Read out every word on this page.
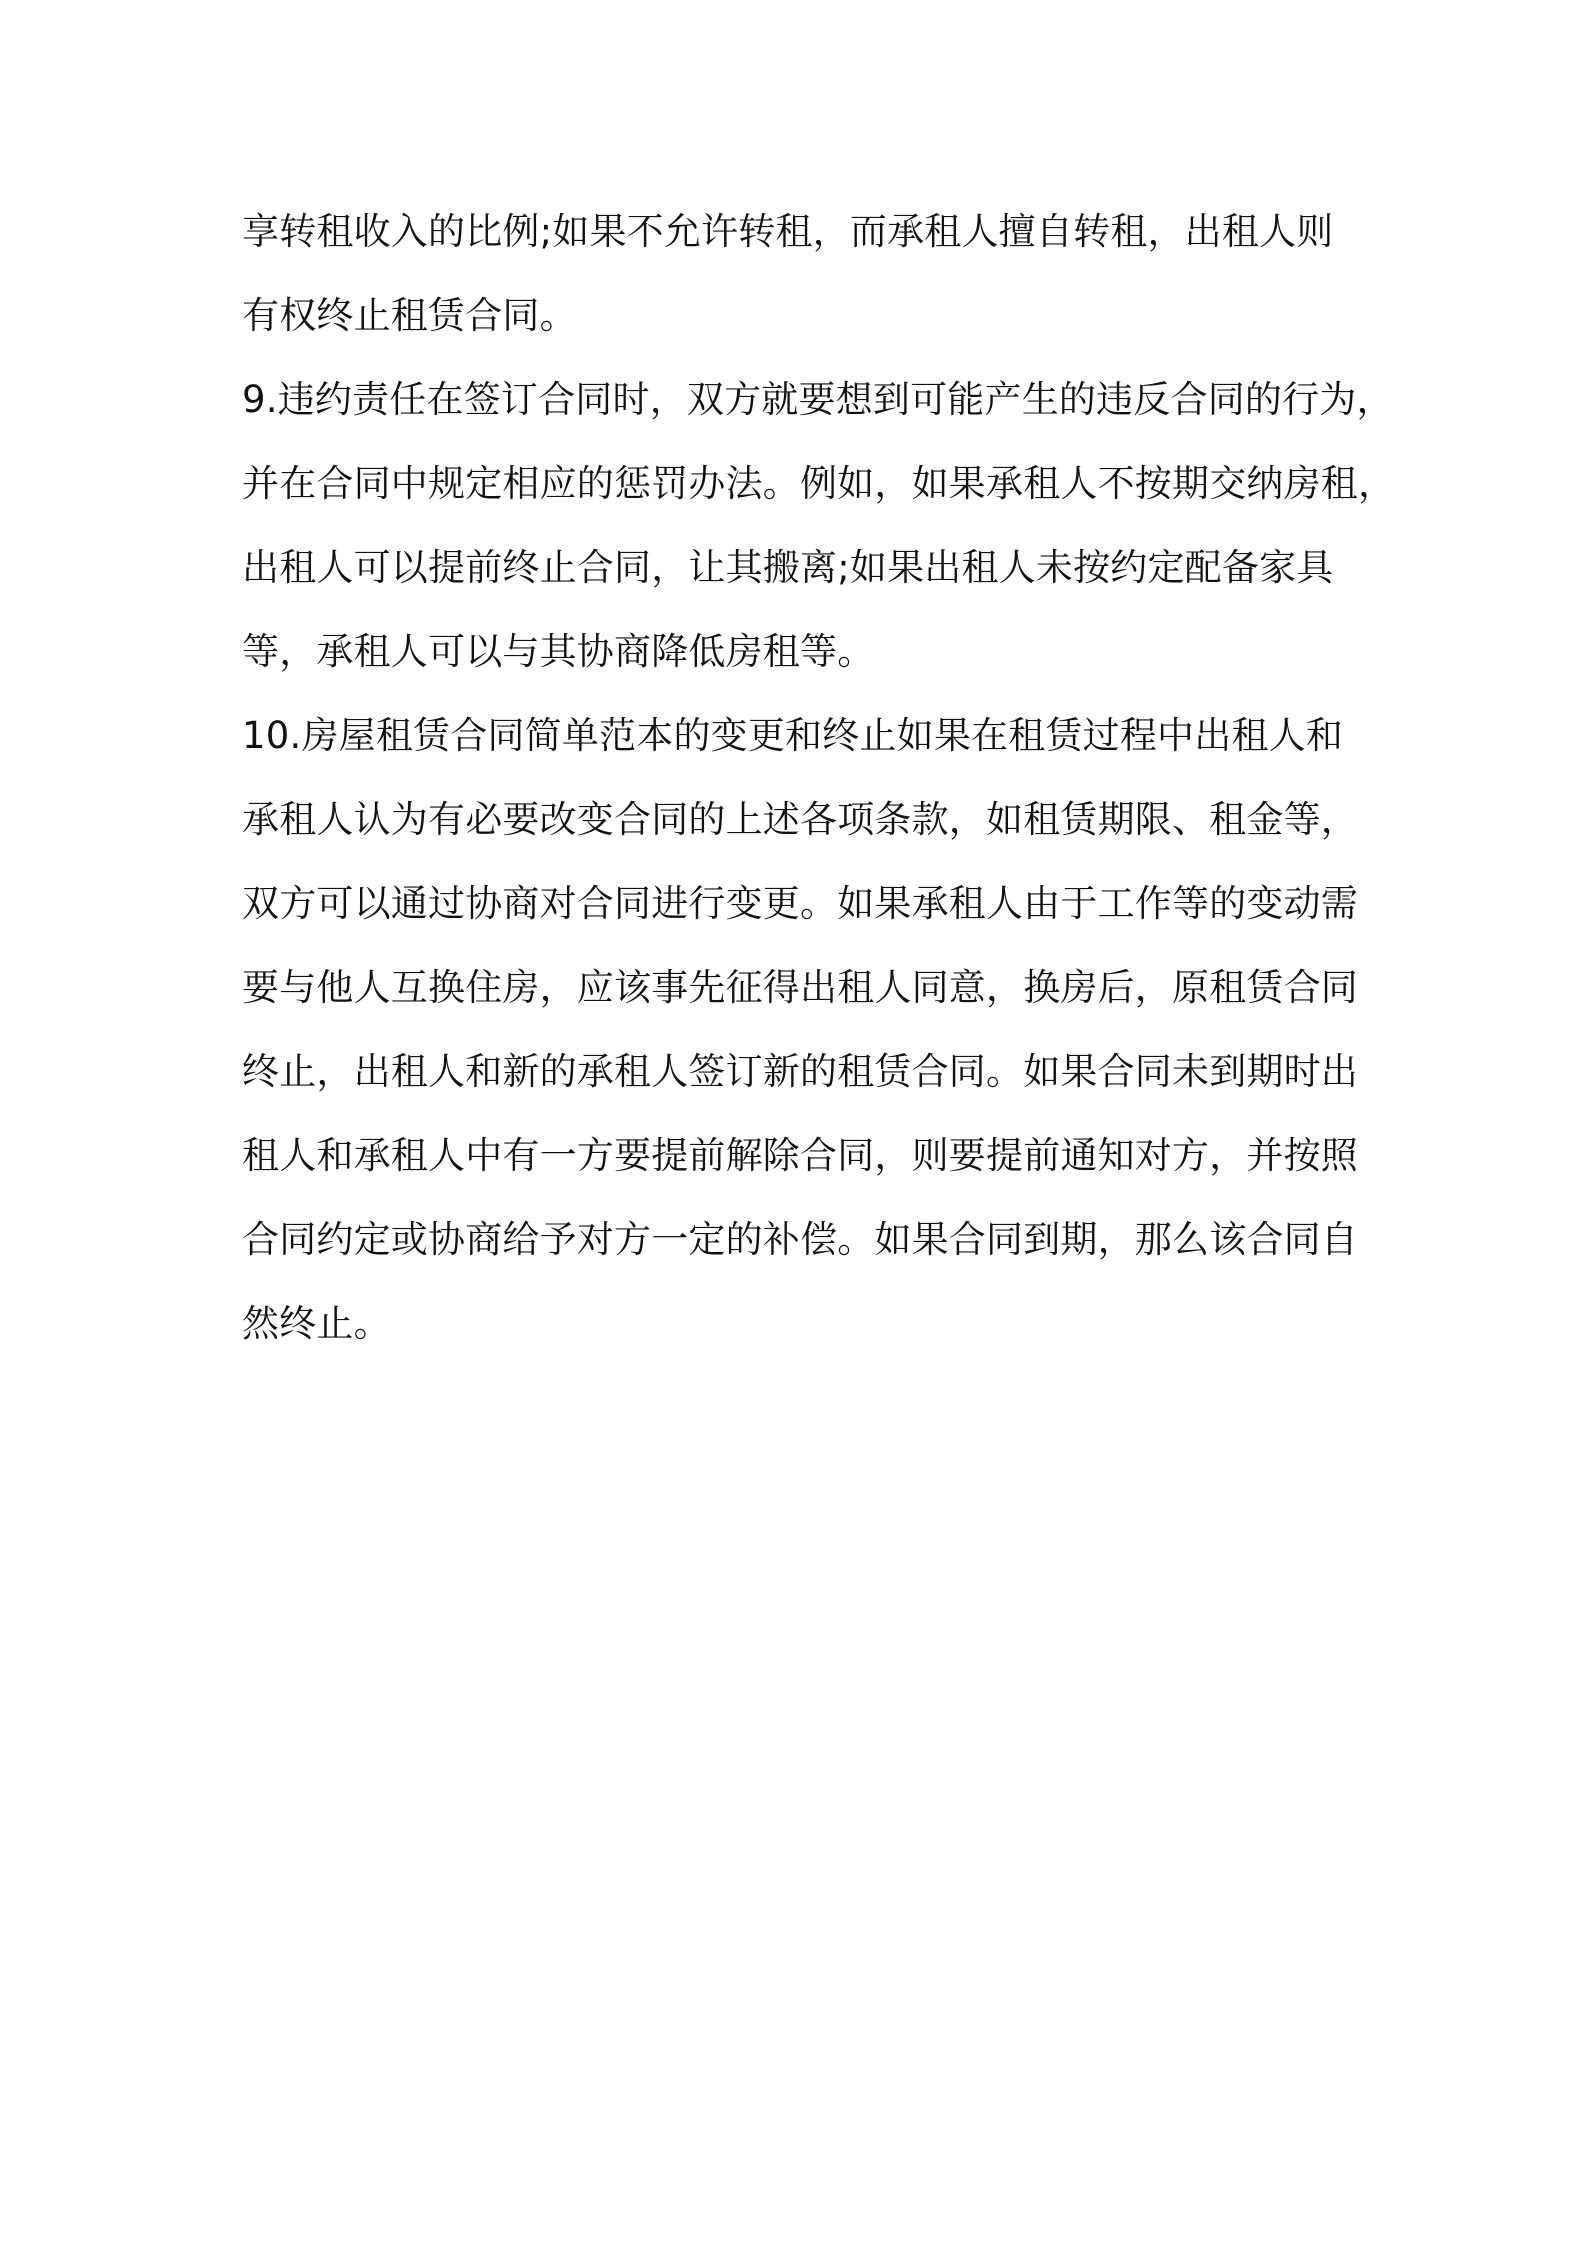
享转租收入的比例;如果不允许转租，而承租人擅自转租，出租人则
有权终止租赁合同。
9.违约责任在签订合同时，双方就要想到可能产生的违反合同的行为，
并在合同中规定相应的惩罚办法。例如，如果承租人不按期交纳房租，
出租人可以提前终止合同，让其搬离;如果出租人未按约定配备家具
等，承租人可以与其协商降低房租等。
10.房屋租赁合同简单范本的变更和终止如果在租赁过程中出租人和
承租人认为有必要改变合同的上述各项条款，如租赁期限、租金等，
双方可以通过协商对合同进行变更。如果承租人由于工作等的变动需
要与他人互换住房，应该事先征得出租人同意，换房后，原租赁合同
终止，出租人和新的承租人签订新的租赁合同。如果合同未到期时出
租人和承租人中有一方要提前解除合同，则要提前通知对方，并按照
合同约定或协商给予对方一定的补偿。如果合同到期，那么该合同自
然终止。
